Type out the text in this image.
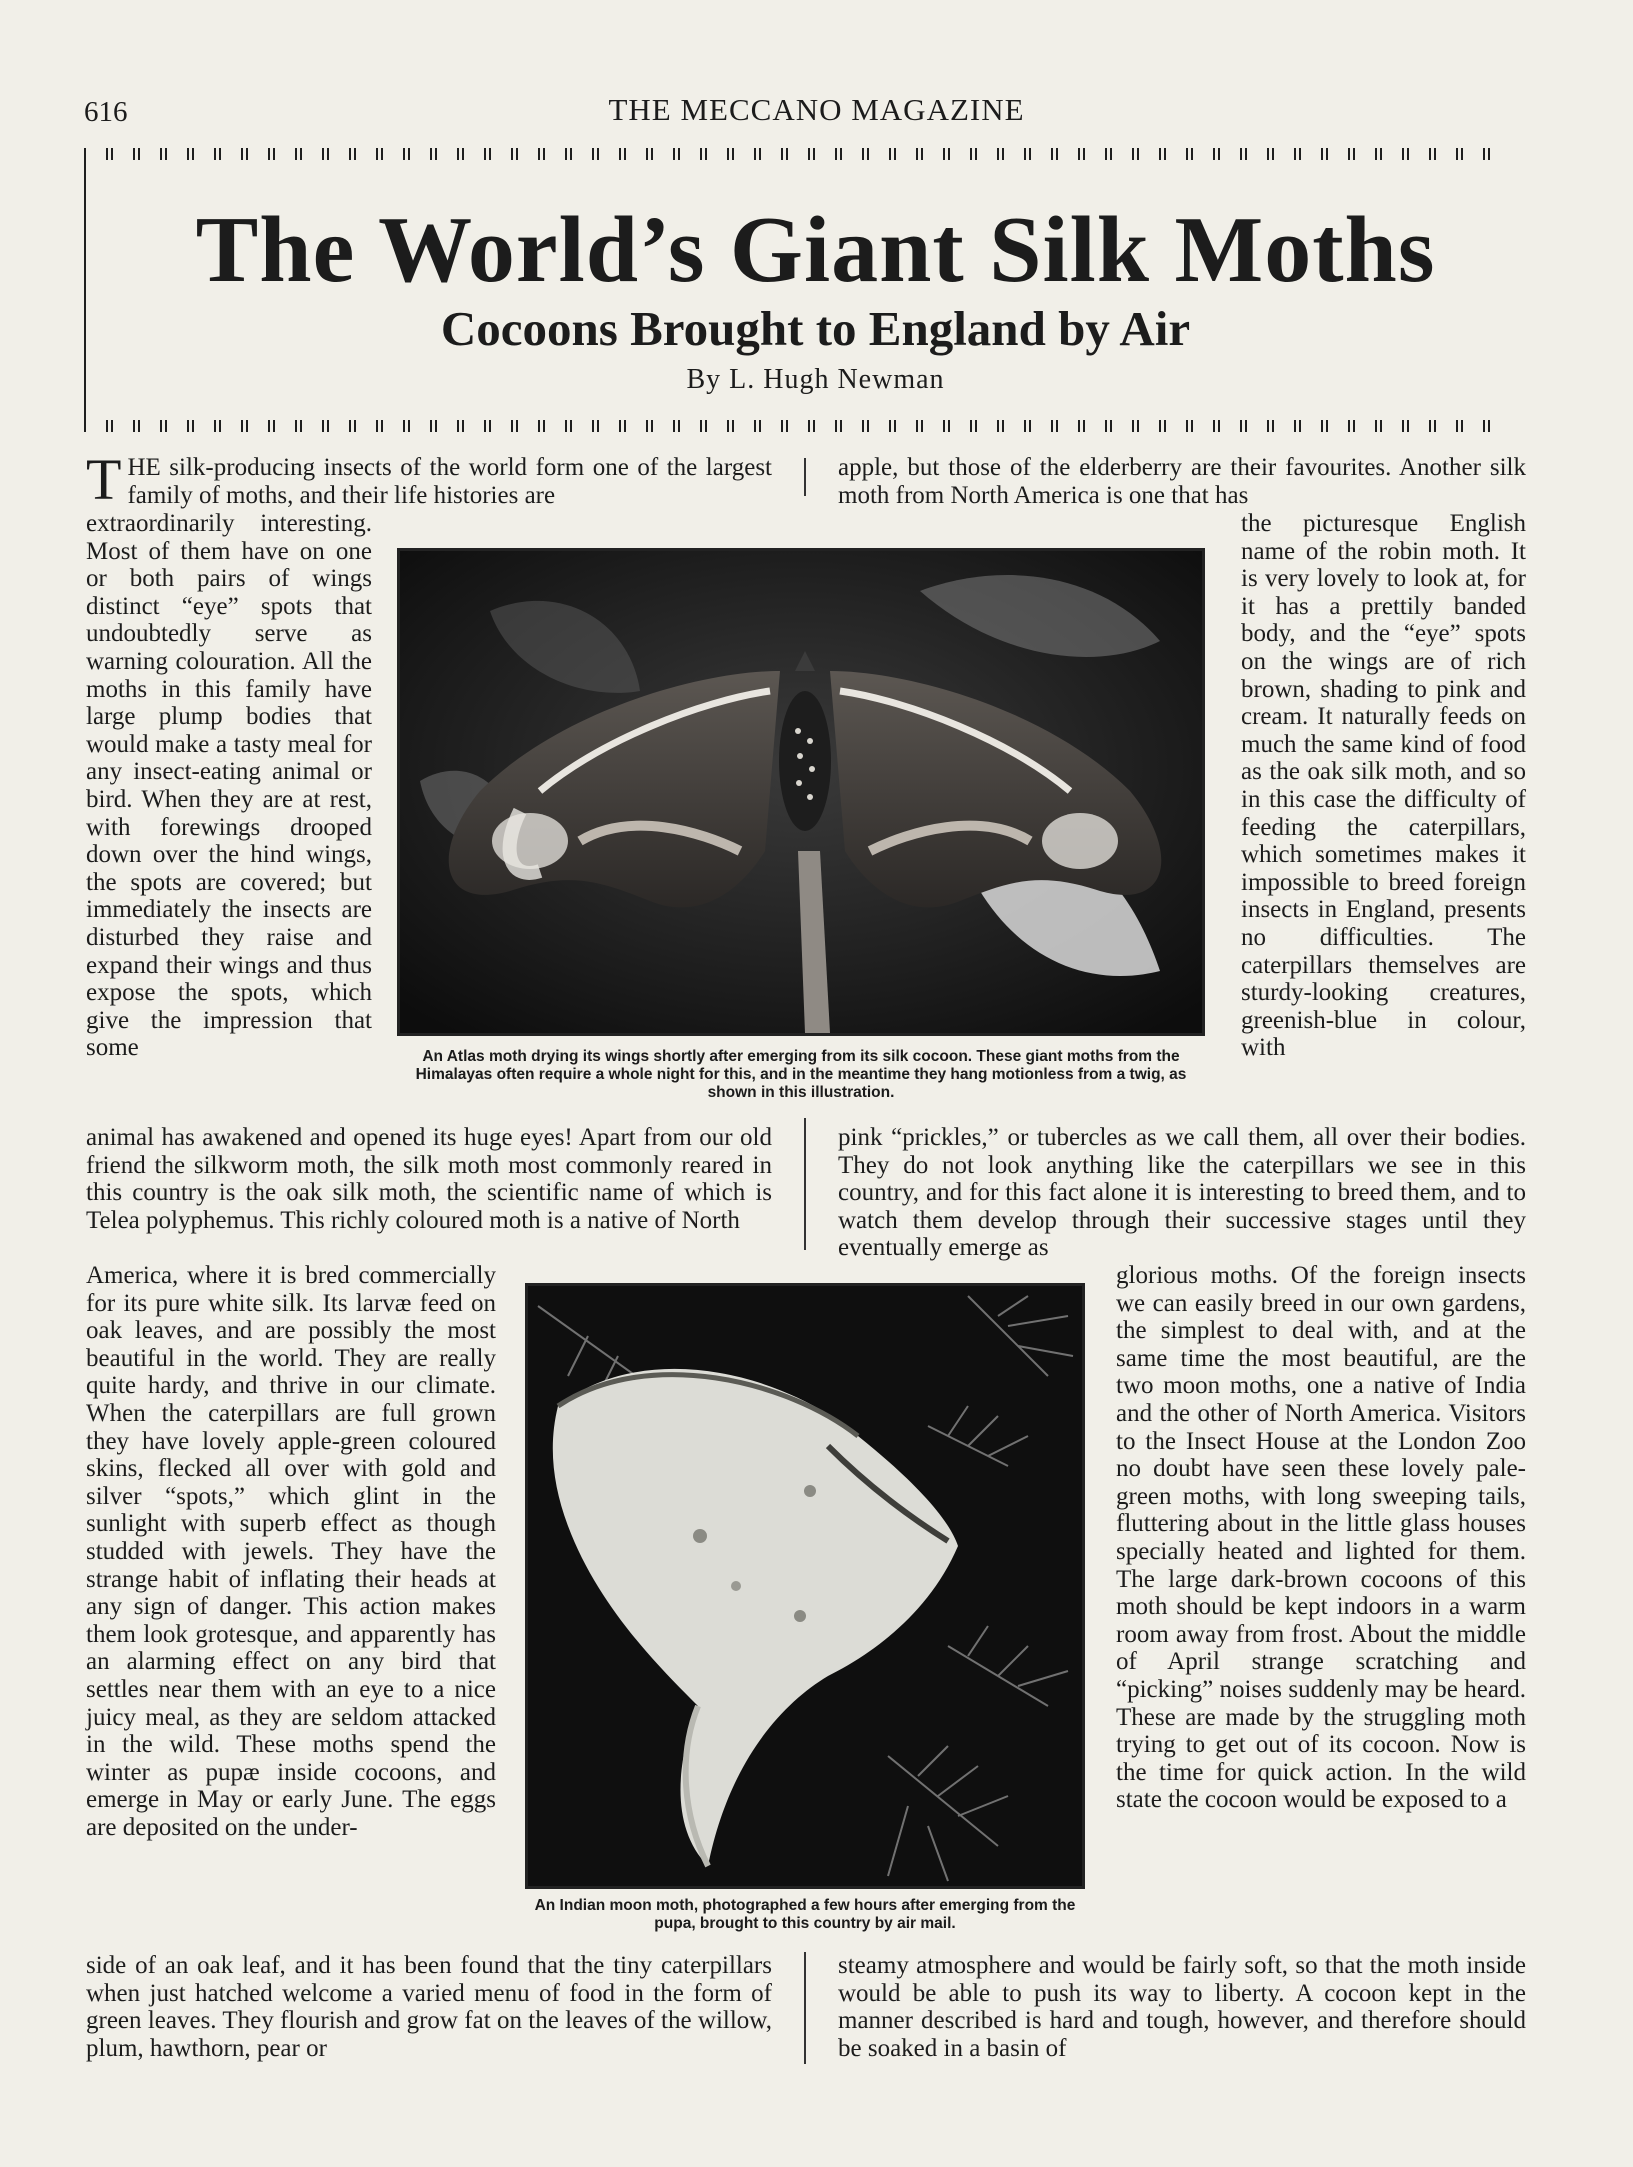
616	THE MECCANO MAGAZINE
The World’s Giant Silk Moths
Cocoons Brought to England by Air
By L. Hugh Newman
THE silk-producing insects of the world form one of the largest family of moths, and their life histories are
extraordinarily interesting. Most of them have on one or both pairs of wings distinct “eye” spots that undoubtedly serve as warning colouration. All the moths in this family have large plump bodies that would make a tasty meal for any insect-eating animal or bird. When they are at rest, with forewings drooped down over the hind wings, the spots are covered; but immediately the insects are disturbed they raise and expand their wings and thus expose the spots, which give the impression that some
animal has awakened and opened its huge eyes! Apart from our old friend the silkworm moth, the silk moth most commonly reared in this country is the oak silk moth, the scientific name of which is Telea polyphemus. This richly coloured moth is a native of North
America, where it is bred commercially for its pure white silk. Its larvæ feed on oak leaves, and are possibly the most beautiful in the world. They are really quite hardy, and thrive in our climate. When the caterpillars are full grown they have lovely apple-green coloured skins, flecked all over with gold and silver “spots,” which glint in the sunlight with superb effect as though studded with jewels. They have the strange habit of inflating their heads at any sign of danger. This action makes them look grotesque, and apparently has an alarming effect on any bird that settles near them with an eye to a nice juicy meal, as they are seldom attacked in the wild. These moths spend the winter as pupæ inside cocoons, and emerge in May or early June. The eggs are deposited on the under-
side of an oak leaf, and it has been found that the tiny caterpillars when just hatched welcome a varied menu of food in the form of green leaves. They flourish and grow fat on the leaves of the willow, plum, hawthorn, pear or
apple, but those of the elderberry are their favourites. Another silk moth from North America is one that has
the picturesque English name of the robin moth. It is very lovely to look at, for it has a prettily banded body, and the “eye” spots on the wings are of rich brown, shading to pink and cream. It naturally feeds on much the same kind of food as the oak silk moth, and so in this case the difficulty of feeding the caterpillars, which sometimes makes it impossible to breed foreign insects in England, presents no difficulties. The caterpillars themselves are sturdy-looking creatures, greenish-blue in colour, with
pink “prickles,” or tubercles as we call them, all over their bodies. They do not look anything like the caterpillars we see in this country, and for this fact alone it is interesting to breed them, and to watch them develop through their successive stages until they eventually emerge as
glorious moths. Of the foreign insects we can easily breed in our own gardens, the simplest to deal with, and at the same time the most beautiful, are the two moon moths, one a native of India and the other of North America. Visitors to the Insect House at the London Zoo no doubt have seen these lovely pale-green moths, with long sweeping tails, fluttering about in the little glass houses specially heated and lighted for them. The large dark-brown cocoons of this moth should be kept indoors in a warm room away from frost. About the middle of April strange scratching and “picking” noises suddenly may be heard. These are made by the struggling moth trying to get out of its cocoon. Now is the time for quick action. In the wild state the cocoon would be exposed to a
steamy atmosphere and would be fairly soft, so that the moth inside would be able to push its way to liberty. A cocoon kept in the manner described is hard and tough, however, and therefore should be soaked in a basin of
An Atlas moth drying its wings shortly after emerging from its silk cocoon. These giant moths from the Himalayas often require a whole night for this, and in the meantime they hang motionless from a twig, as shown in this illustration.
An Indian moon moth, photographed a few hours after emerging from the pupa, brought to this country by air mail.
